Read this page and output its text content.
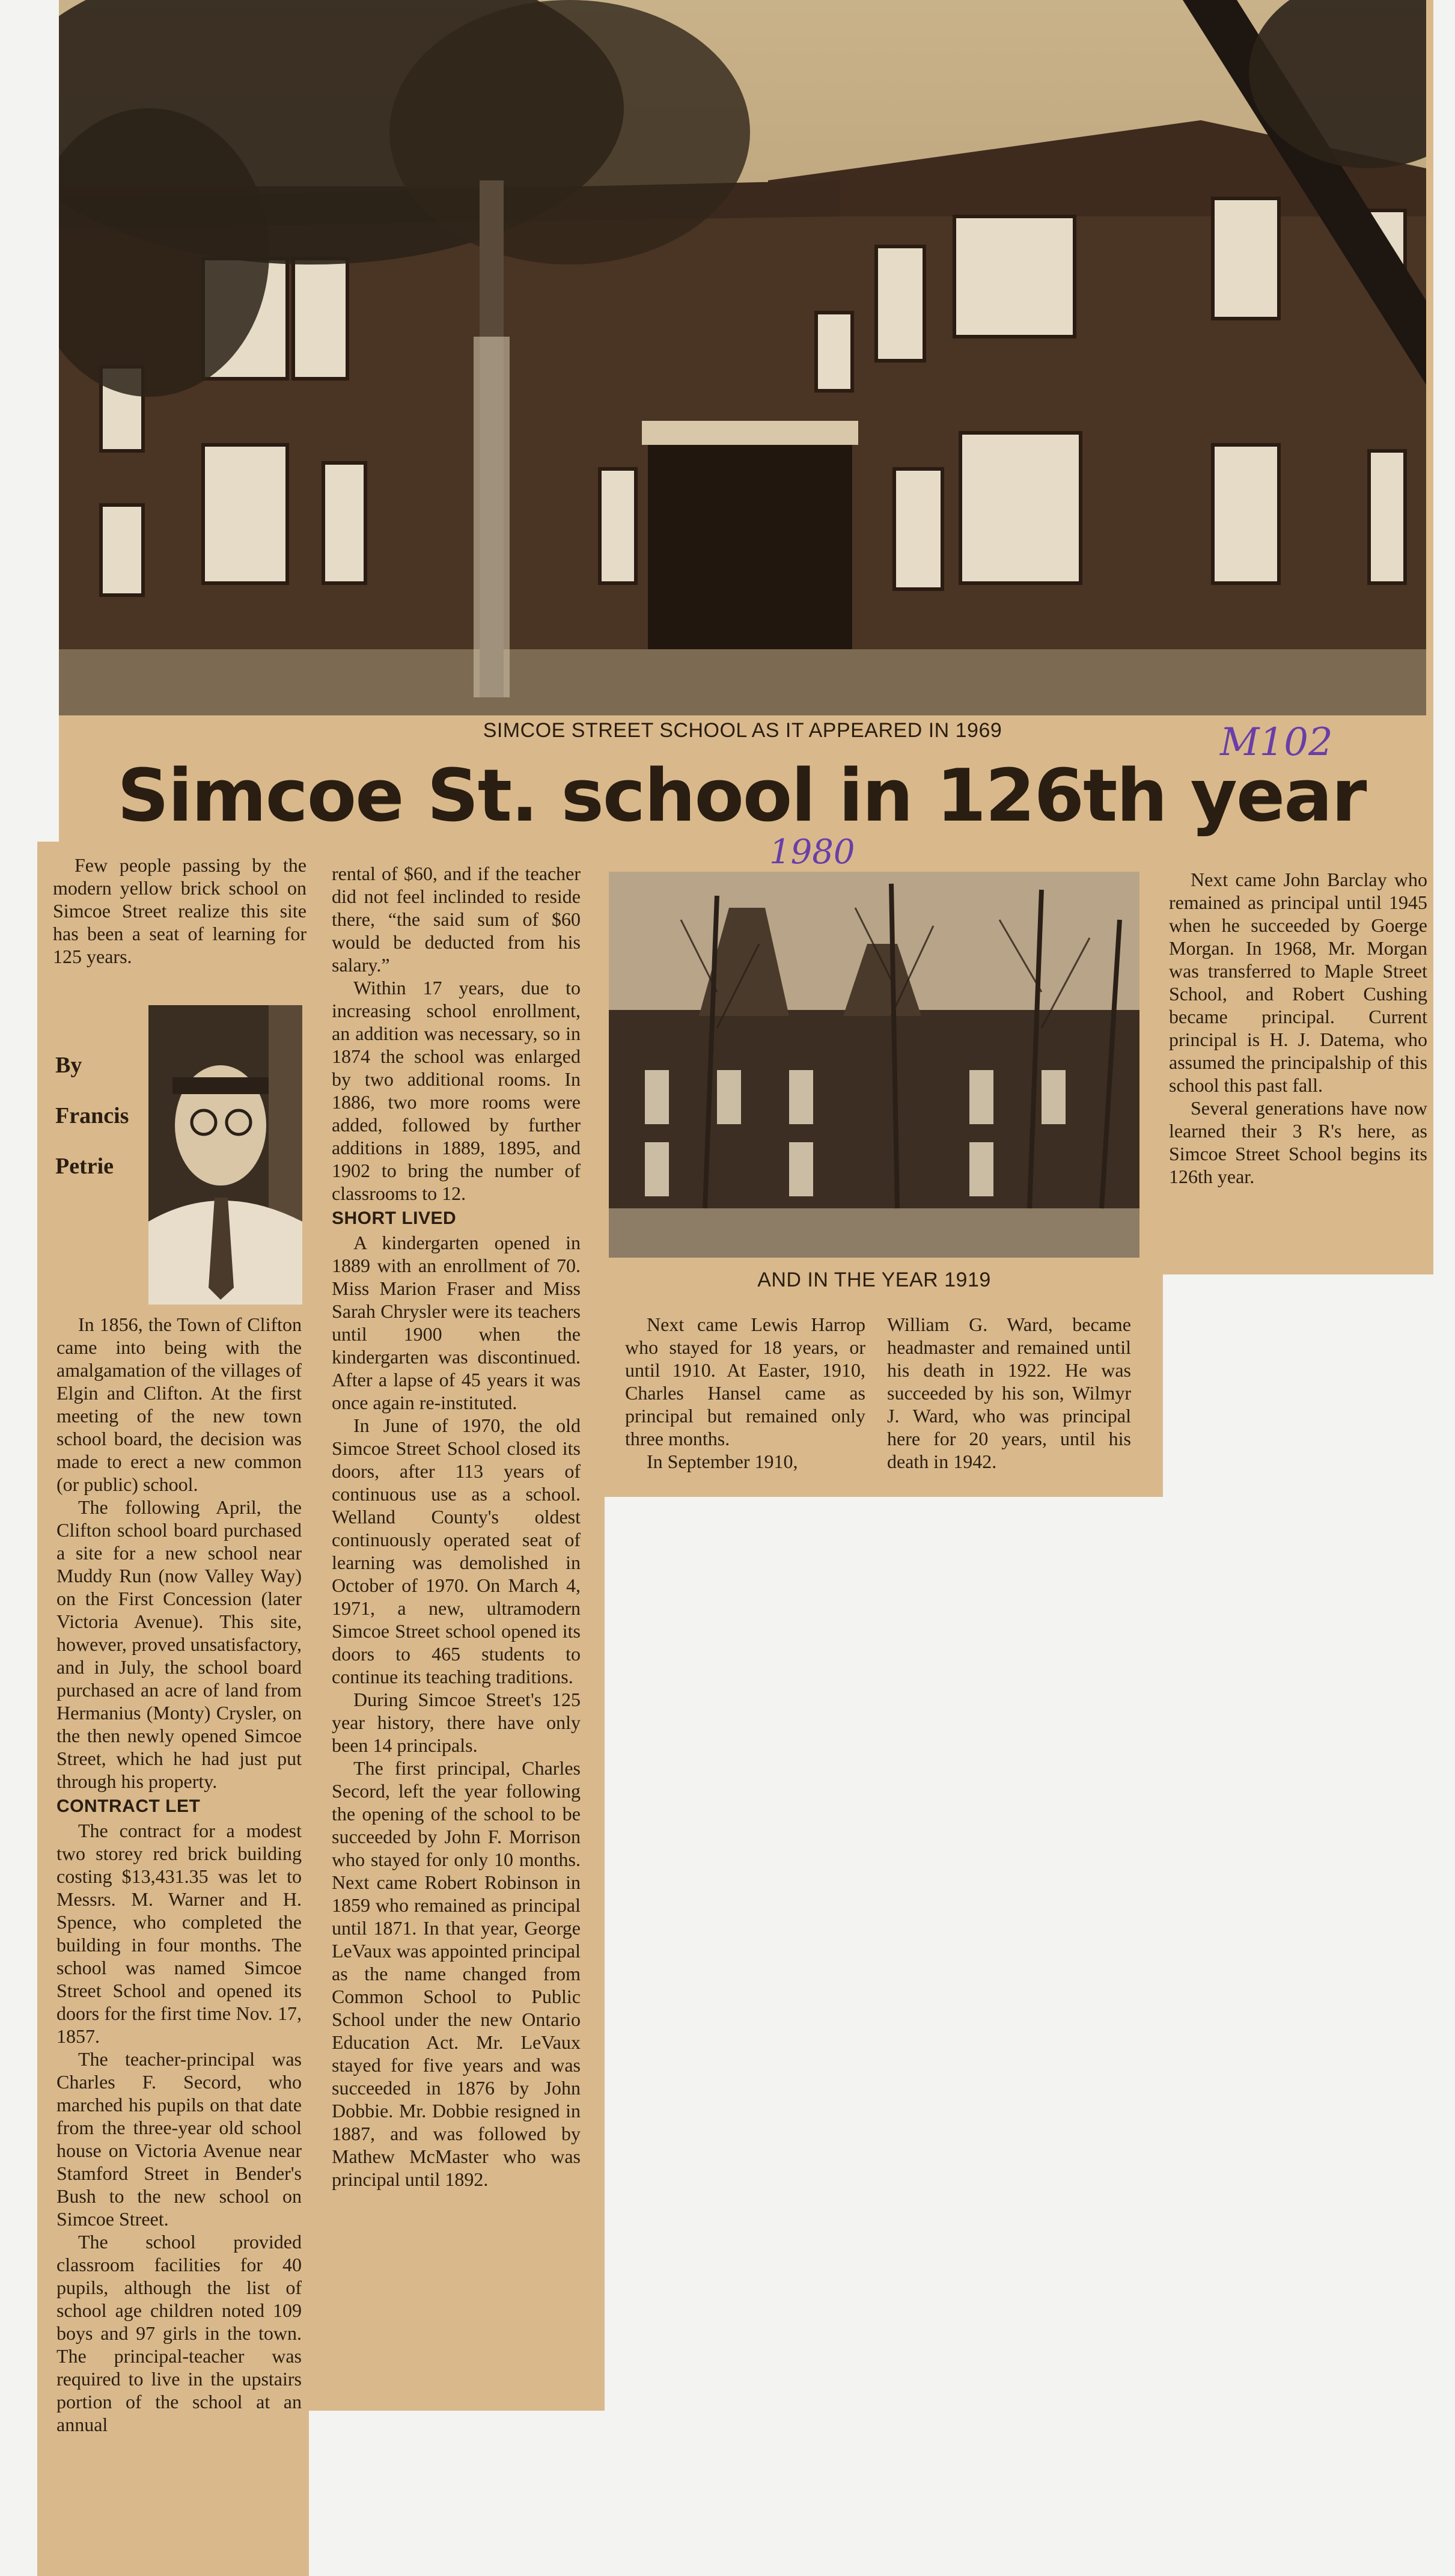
SIMCOE STREET SCHOOL AS IT APPEARED IN 1969	M102
Simcoe St. school in 126th year
1980

Few people passing by the modern yellow brick school on Simcoe Street realize this site has been a seat of learning for 125 years.

By
Francis
Petrie

In 1856, the Town of Clifton came into being with the amalgamation of the villages of Elgin and Clifton. At the first meeting of the new town school board, the decision was made to erect a new common (or public) school.

The following April, the Clifton school board purchased a site for a new school near Muddy Run (now Valley Way) on the First Concession (later Victoria Avenue). This site, however, proved unsatisfactory, and in July, the school board purchased an acre of land from Hermanius (Monty) Crysler, on the then newly opened Simcoe Street, which he had just put through his property.

CONTRACT LET

The contract for a modest two storey red brick building costing $13,431.35 was let to Messrs. M. Warner and H. Spence, who completed the building in four months. The school was named Simcoe Street School and opened its doors for the first time Nov. 17, 1857.

The teacher-principal was Charles F. Secord, who marched his pupils on that date from the three-year old school house on Victoria Avenue near Stamford Street in Bender's Bush to the new school on Simcoe Street.

The school provided classroom facilities for 40 pupils, although the list of school age children noted 109 boys and 97 girls in the town. The principal-teacher was required to live in the upstairs portion of the school at an annual

rental of $60, and if the teacher did not feel inclinded to reside there, “the said sum of $60 would be deducted from his salary.”

Within 17 years, due to increasing school enrollment, an addition was necessary, so in 1874 the school was enlarged by two additional rooms. In 1886, two more rooms were added, followed by further additions in 1889, 1895, and 1902 to bring the number of classrooms to 12.

SHORT LIVED

A kindergarten opened in 1889 with an enrollment of 70. Miss Marion Fraser and Miss Sarah Chrysler were its teachers until 1900 when the kindergarten was discontinued. After a lapse of 45 years it was once again re-instituted.

In June of 1970, the old Simcoe Street School closed its doors, after 113 years of continuous use as a school. Welland County's oldest continuously operated seat of learning was demolished in October of 1970. On March 4, 1971, a new, ultramodern Simcoe Street school opened its doors to 465 students to continue its teaching traditions.

During Simcoe Street's 125 year history, there have only been 14 principals.

The first principal, Charles Secord, left the year following the opening of the school to be succeeded by John F. Morrison who stayed for only 10 months. Next came Robert Robinson in 1859 who remained as principal until 1871. In that year, George LeVaux was appointed principal as the name changed from Common School to Public School under the new Ontario Education Act. Mr. LeVaux stayed for five years and was succeeded in 1876 by John Dobbie. Mr. Dobbie resigned in 1887, and was followed by Mathew McMaster who was principal until 1892.

AND IN THE YEAR 1919

Next came Lewis Harrop who stayed for 18 years, or until 1910. At Easter, 1910, Charles Hansel came as principal but remained only three months.

In September 1910,

William G. Ward, became headmaster and remained until his death in 1922. He was succeeded by his son, Wilmyr J. Ward, who was principal here for 20 years, until his death in 1942.

Next came John Barclay who remained as principal until 1945 when he succeeded by Goerge Morgan. In 1968, Mr. Morgan was transferred to Maple Street School, and Robert Cushing became principal. Current principal is H. J. Datema, who assumed the principalship of this school this past fall.

Several generations have now learned their 3 R's here, as Simcoe Street School begins its 126th year.
